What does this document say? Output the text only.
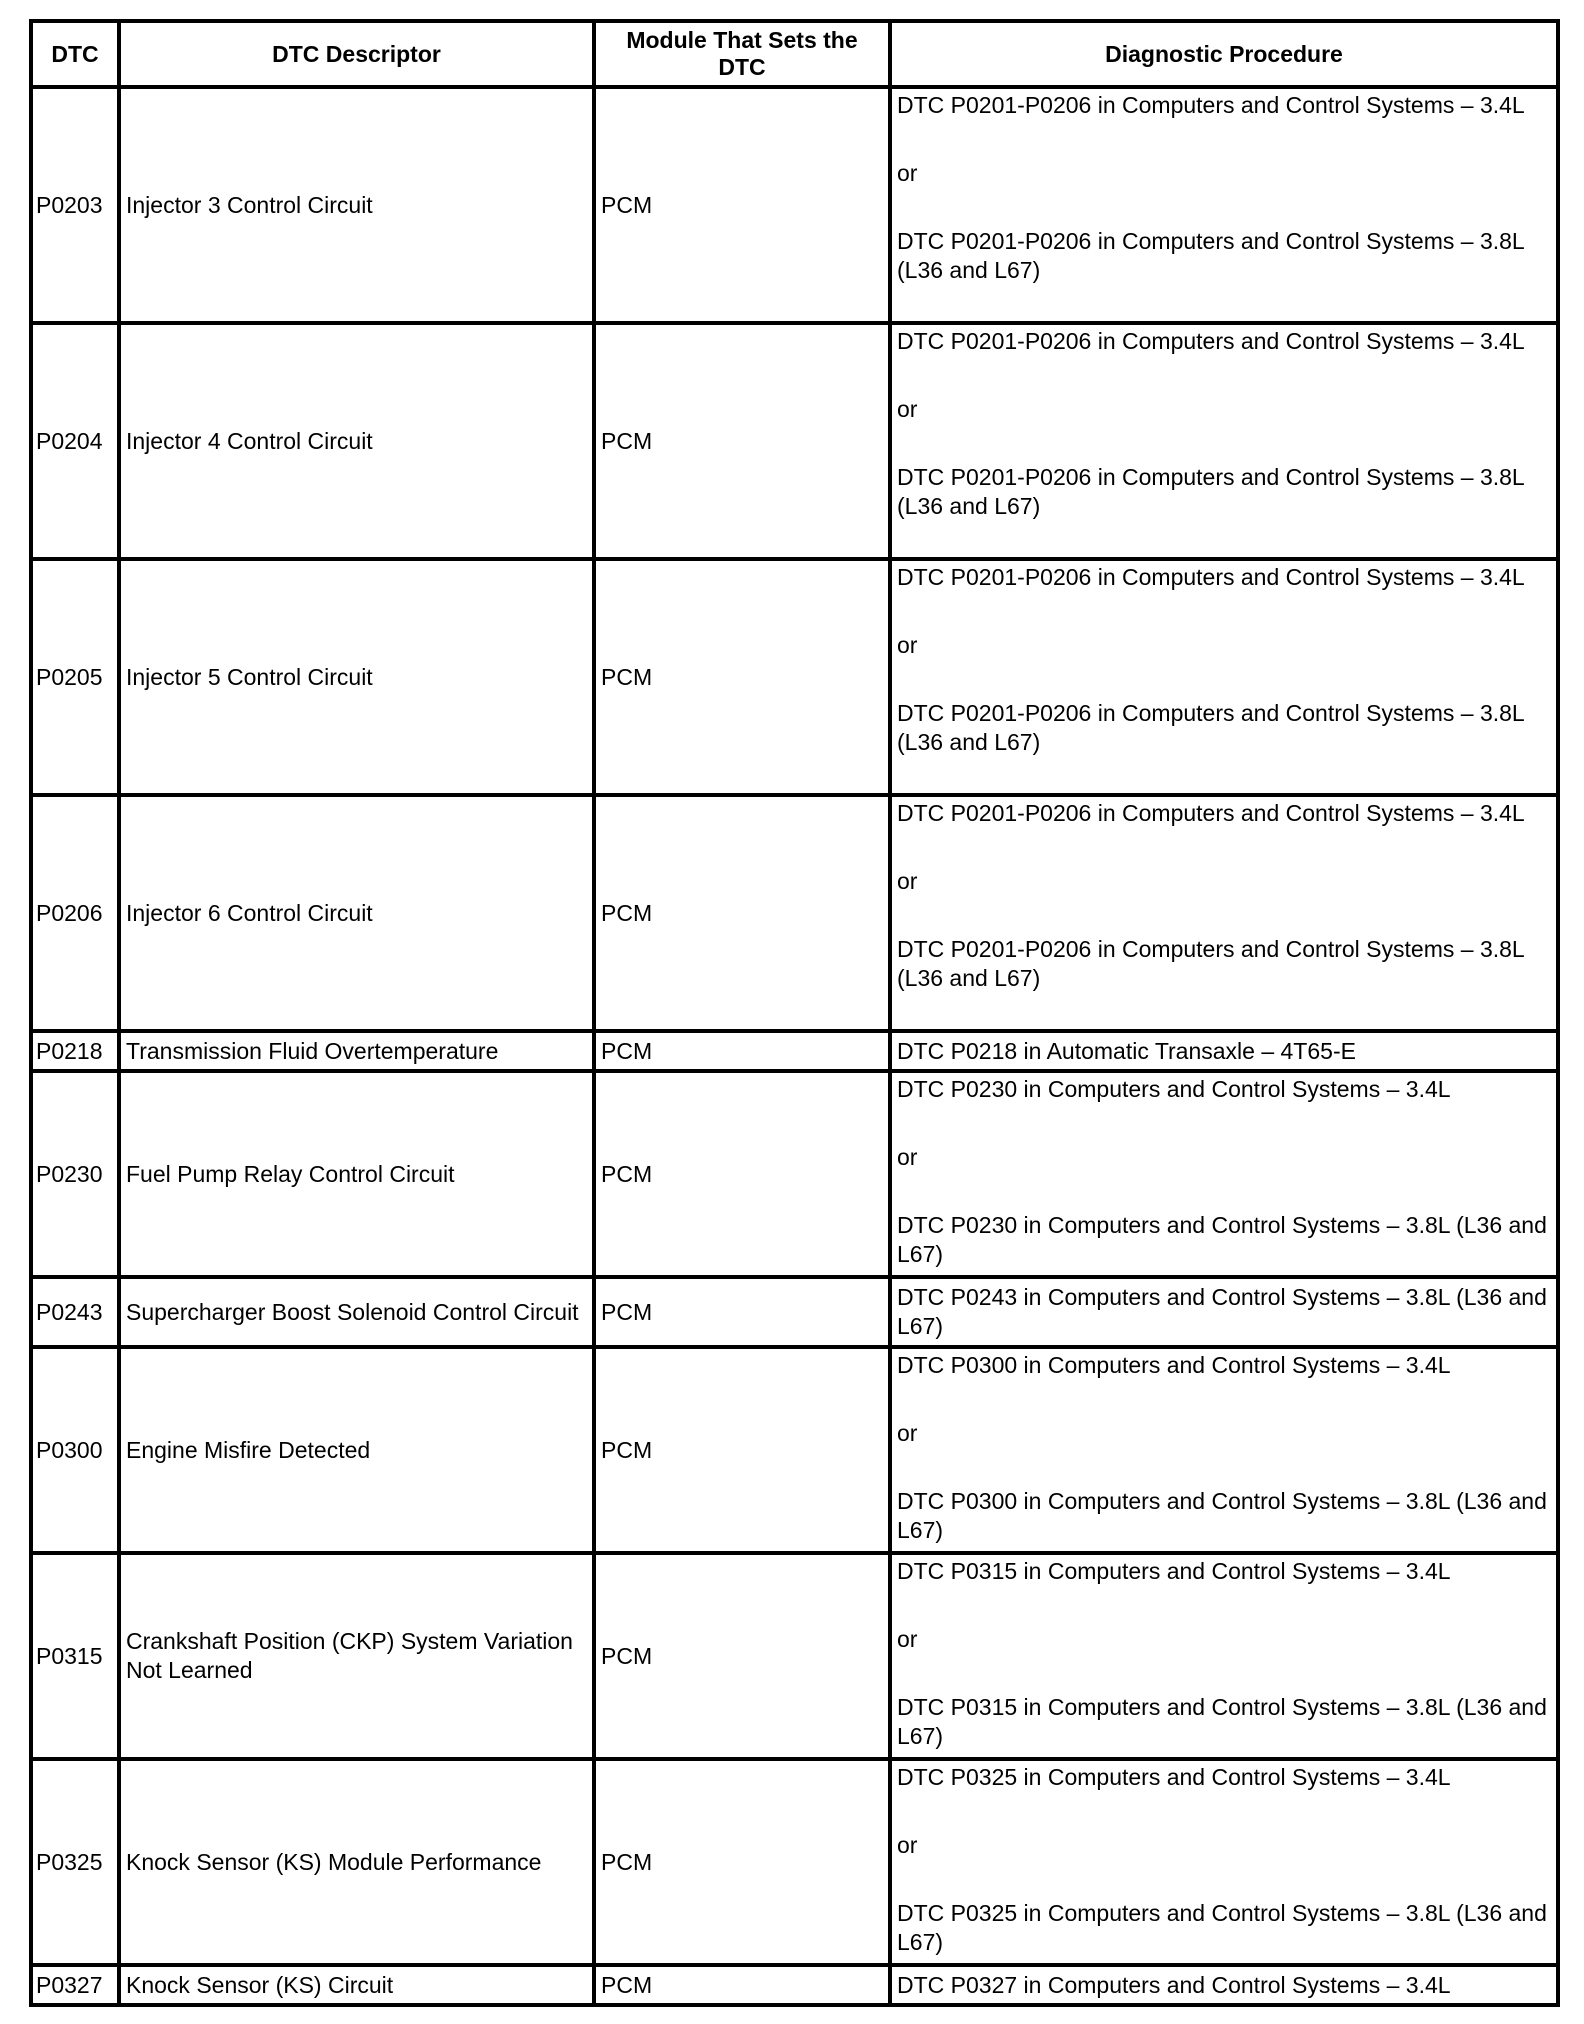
DTC	DTC Descriptor	Module That Sets the DTC	Diagnostic Procedure
P0203	Injector 3 Control Circuit	PCM	DTC P0201-P0206 in Computers and Control Systems – 3.4L
or
DTC P0201-P0206 in Computers and Control Systems – 3.8L (L36 and L67)

P0204	Injector 4 Control Circuit	PCM	DTC P0201-P0206 in Computers and Control Systems – 3.4L
or
DTC P0201-P0206 in Computers and Control Systems – 3.8L (L36 and L67)

P0205	Injector 5 Control Circuit	PCM	DTC P0201-P0206 in Computers and Control Systems – 3.4L
or
DTC P0201-P0206 in Computers and Control Systems – 3.8L (L36 and L67)

P0206	Injector 6 Control Circuit	PCM	DTC P0201-P0206 in Computers and Control Systems – 3.4L
or
DTC P0201-P0206 in Computers and Control Systems – 3.8L (L36 and L67)

P0218	Transmission Fluid Overtemperature	PCM	DTC P0218 in Automatic Transaxle – 4T65-E

P0230	Fuel Pump Relay Control Circuit	PCM	DTC P0230 in Computers and Control Systems – 3.4L
or
DTC P0230 in Computers and Control Systems – 3.8L (L36 and L67)

P0243	Supercharger Boost Solenoid Control Circuit	PCM	DTC P0243 in Computers and Control Systems – 3.8L (L36 and L67)

P0300	Engine Misfire Detected	PCM	DTC P0300 in Computers and Control Systems – 3.4L
or
DTC P0300 in Computers and Control Systems – 3.8L (L36 and L67)

P0315	Crankshaft Position (CKP) System Variation Not Learned	PCM	DTC P0315 in Computers and Control Systems – 3.4L
or
DTC P0315 in Computers and Control Systems – 3.8L (L36 and L67)

P0325	Knock Sensor (KS) Module Performance	PCM	DTC P0325 in Computers and Control Systems – 3.4L
or
DTC P0325 in Computers and Control Systems – 3.8L (L36 and L67)

P0327	Knock Sensor (KS) Circuit	PCM	DTC P0327 in Computers and Control Systems – 3.4L
